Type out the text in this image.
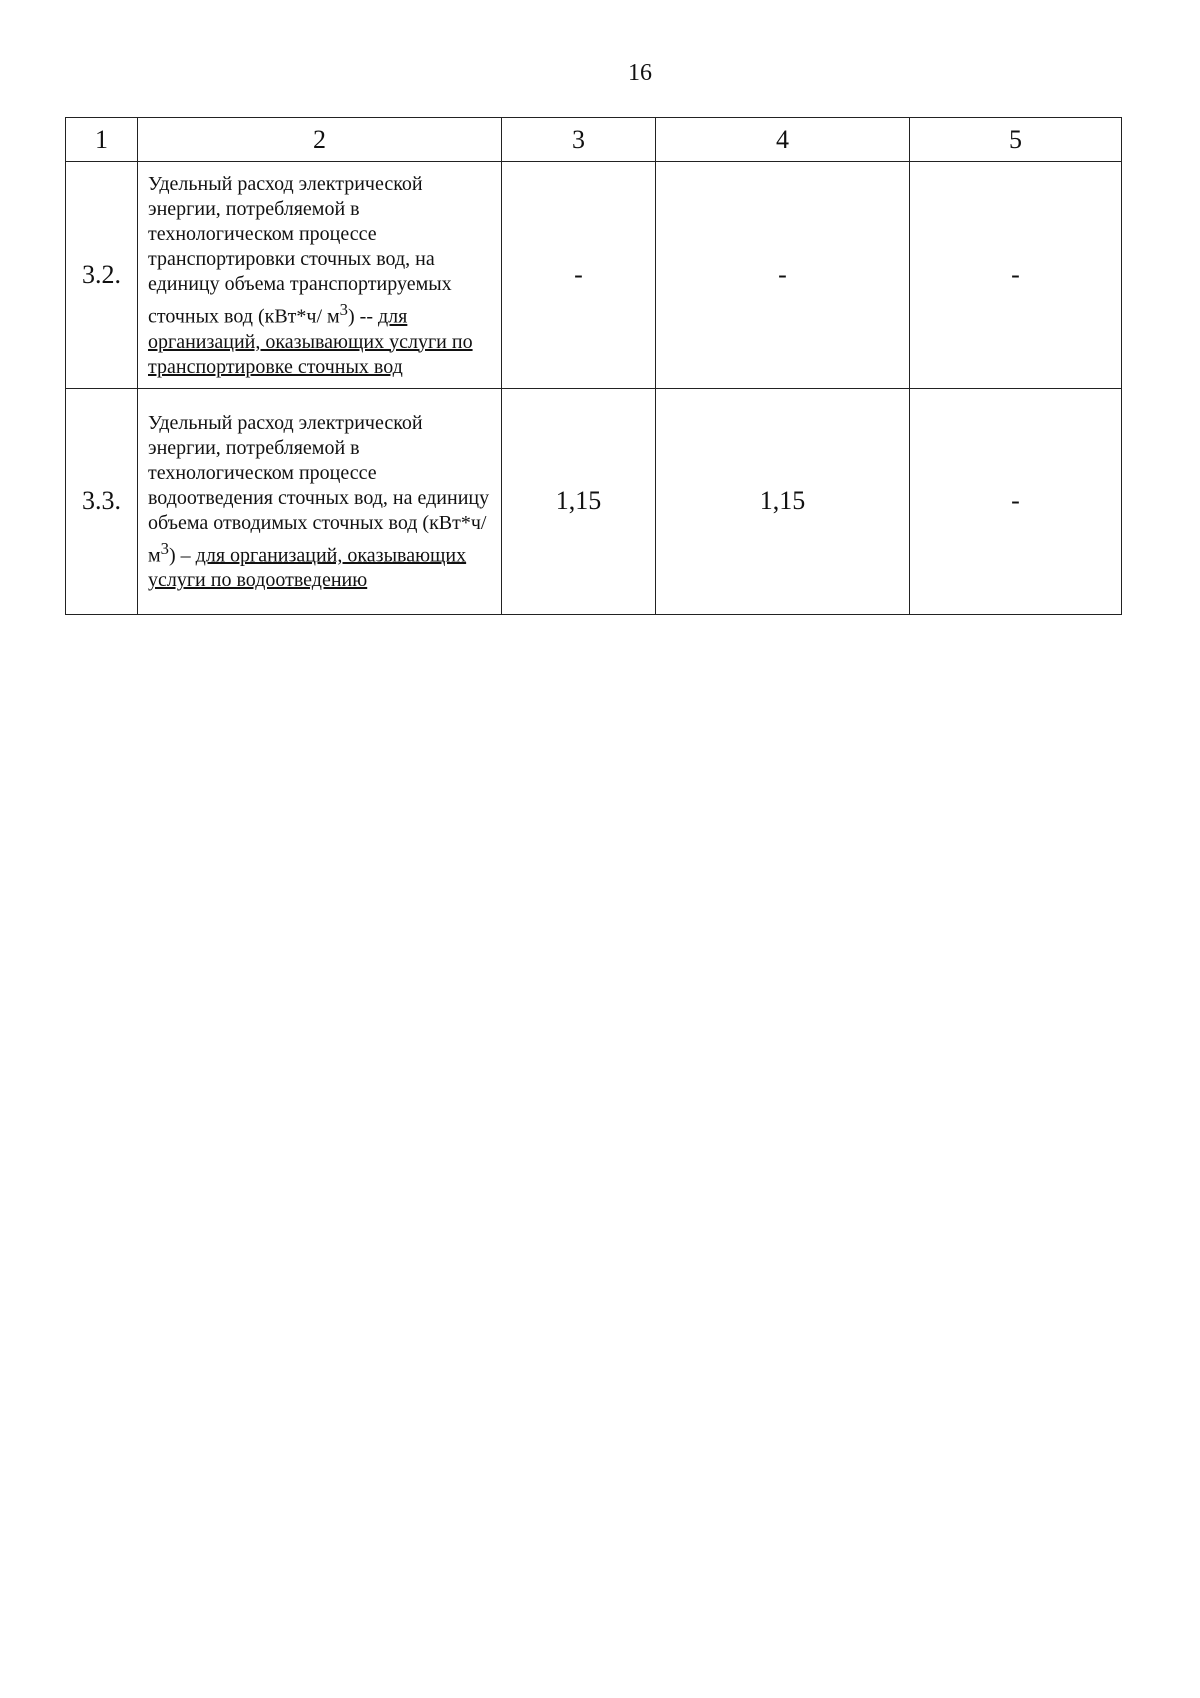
16
1	2	3	4	5
3.2.	Удельный расход электрической энергии, потребляемой в технологическом процессе транспортировки сточных вод, на единицу объема транспортируемых сточных вод (кВт*ч/ $м^3$) -- для организаций, оказывающих услуги по транспортировке сточных вод	-	-	-
3.3.	Удельный расход электрической энергии, потребляемой в технологическом процессе водоотведения сточных вод, на единицу объема отводимых сточных вод (кВт*ч/ $м^3$) – для организаций, оказывающих услуги по водоотведению	1,15	1,15	-
